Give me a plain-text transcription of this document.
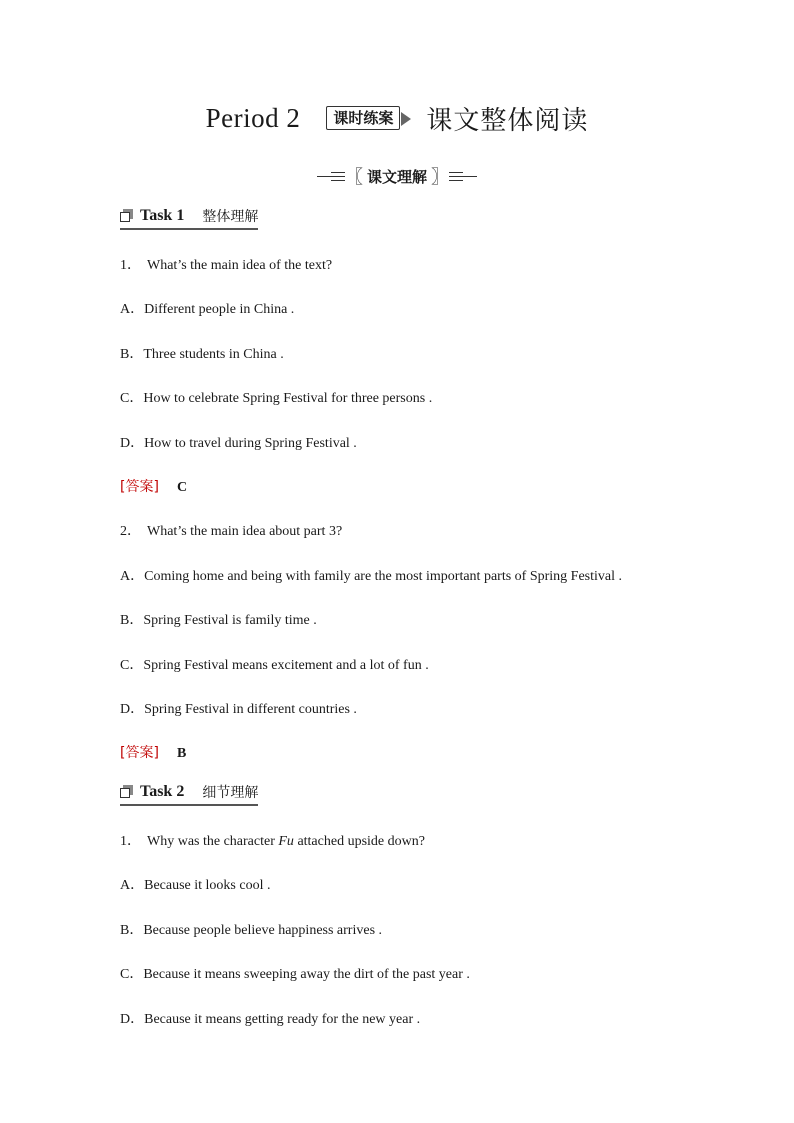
Period 2	课时练案 课文整体阅读
〖 课文理解 〗
Task 1 整体理解
1． What’s the main idea of the text?
A．Different people in China .
B．Three students in China .
C．How to celebrate Spring Festival for three persons .
D．How to travel during Spring Festival .
[答案] C
2． What’s the main idea about part 3?
A．Coming home and being with family are the most important parts of Spring Festival .
B．Spring Festival is family time .
C．Spring Festival means excitement and a lot of fun .
D．Spring Festival in different countries .
[答案] B
Task 2 细节理解
1． Why was the character Fu attached upside down?
A．Because it looks cool .
B．Because people believe happiness arrives .
C．Because it means sweeping away the dirt of the past year .
D．Because it means getting ready for the new year .
